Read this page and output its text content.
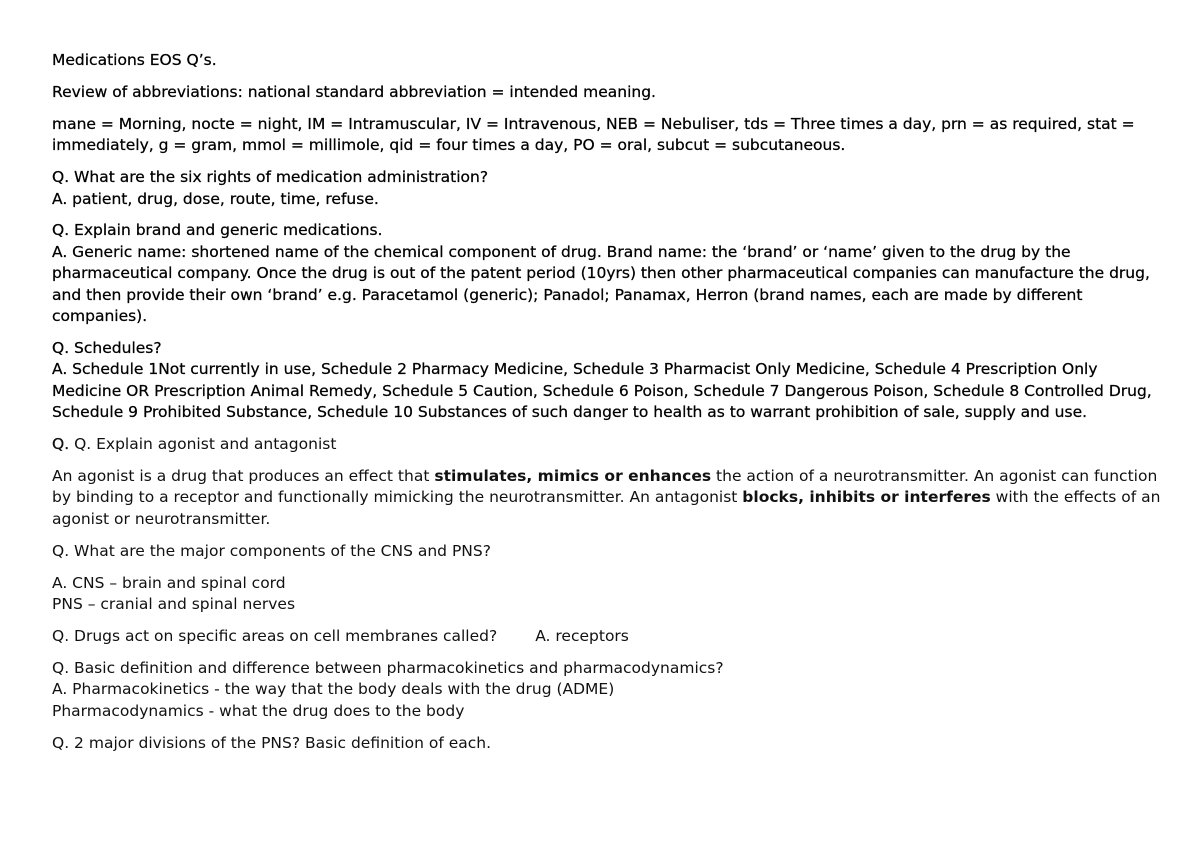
Medications EOS Q’s.

Review of abbreviations: national standard abbreviation = intended meaning.

mane = Morning, nocte = night, IM = Intramuscular, IV = Intravenous, NEB = Nebuliser, tds = Three times a day, prn = as required, stat = immediately, g = gram, mmol = millimole, qid = four times a day, PO = oral, subcut = subcutaneous.

Q. What are the six rights of medication administration?
A. patient, drug, dose, route, time, refuse.

Q. Explain brand and generic medications.
A. Generic name: shortened name of the chemical component of drug. Brand name: the ‘brand’ or ‘name’ given to the drug by the pharmaceutical company. Once the drug is out of the patent period (10yrs) then other pharmaceutical companies can manufacture the drug, and then provide their own ‘brand’ e.g. Paracetamol (generic); Panadol; Panamax, Herron (brand names, each are made by different companies).

Q. Schedules?
A. Schedule 1Not currently in use, Schedule 2 Pharmacy Medicine, Schedule 3 Pharmacist Only Medicine, Schedule 4 Prescription Only Medicine OR Prescription Animal Remedy, Schedule 5 Caution, Schedule 6 Poison, Schedule 7 Dangerous Poison, Schedule 8 Controlled Drug, Schedule 9 Prohibited Substance, Schedule 10 Substances of such danger to health as to warrant prohibition of sale, supply and use.

Q. Q. Explain agonist and antagonist

An agonist is a drug that produces an effect that stimulates, mimics or enhances the action of a neurotransmitter. An agonist can function by binding to a receptor and functionally mimicking the neurotransmitter. An antagonist blocks, inhibits or interferes with the effects of an agonist or neurotransmitter.

Q. What are the major components of the CNS and PNS?

A. CNS – brain and spinal cord
PNS – cranial and spinal nerves

Q. Drugs act on specific areas on cell membranes called? A. receptors

Q. Basic definition and difference between pharmacokinetics and pharmacodynamics?
A. Pharmacokinetics - the way that the body deals with the drug (ADME)
Pharmacodynamics - what the drug does to the body

Q. 2 major divisions of the PNS? Basic definition of each.
